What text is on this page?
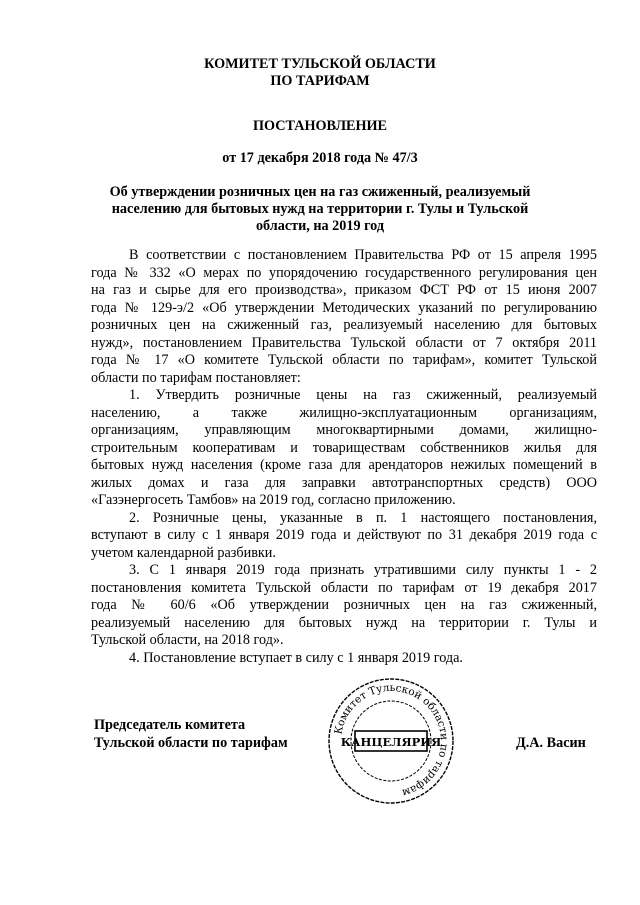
КОМИТЕТ ТУЛЬСКОЙ ОБЛАСТИ
ПО ТАРИФАМ
ПОСТАНОВЛЕНИЕ
от 17 декабря 2018 года № 47/3
Об утверждении розничных цен на газ сжиженный, реализуемый
населению для бытовых нужд на территории г. Тулы и Тульской
области, на 2019 год
В соответствии с постановлением Правительства РФ от 15 апреля 1995
года № 332 «О мерах по упорядочению государственного регулирования цен
на газ и сырье для его производства», приказом ФСТ РФ от 15 июня 2007
года № 129-э/2 «Об утверждении Методических указаний по регулированию
розничных цен на сжиженный газ, реализуемый населению для бытовых
нужд», постановлением Правительства Тульской области от 7 октября 2011
года № 17 «О комитете Тульской области по тарифам», комитет Тульской
области по тарифам постановляет:
1. Утвердить розничные цены на газ сжиженный, реализуемый
населению, а также жилищно-эксплуатационным организациям,
организациям, управляющим многоквартирными домами, жилищно-
строительным кооперативам и товариществам собственников жилья для
бытовых нужд населения (кроме газа для арендаторов нежилых помещений в
жилых домах и газа для заправки автотранспортных средств) ООО
«Газэнергосеть Тамбов» на 2019 год, согласно приложению.
2. Розничные цены, указанные в п. 1 настоящего постановления,
вступают в силу с 1 января 2019 года и действуют по 31 декабря 2019 года с
учетом календарной разбивки.
3. С 1 января 2019 года признать утратившими силу пункты 1 - 2
постановления комитета Тульской области по тарифам от 19 декабря 2017
года № 60/6 «Об утверждении розничных цен на газ сжиженный,
реализуемый населению для бытовых нужд на территории г. Тулы и
Тульской области, на 2018 год».
4. Постановление вступает в силу с 1 января 2019 года.
Председатель комитета
Тульской области по тарифам
Комитет Тульской области по тарифам
КАНЦЕЛЯРИЯ	Д.А. Васин
